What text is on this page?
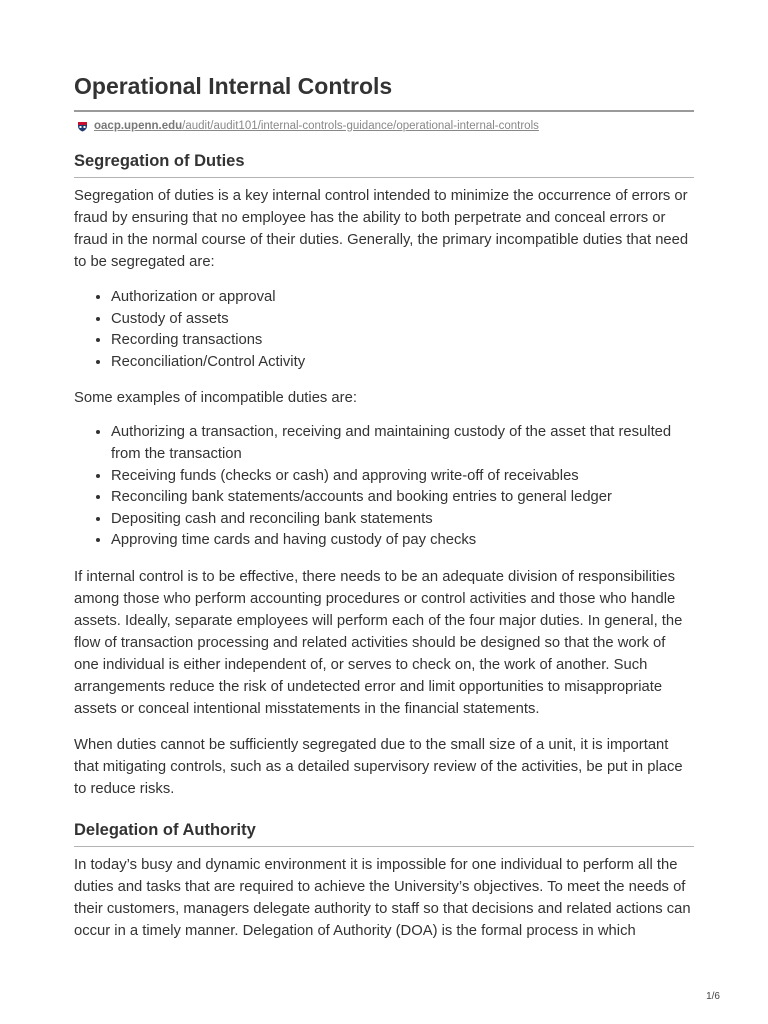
Operational Internal Controls
oacp.upenn.edu/audit/audit101/internal-controls-guidance/operational-internal-controls
Segregation of Duties

Segregation of duties is a key internal control intended to minimize the occurrence of errors or fraud by ensuring that no employee has the ability to both perpetrate and conceal errors or fraud in the normal course of their duties. Generally, the primary incompatible duties that need to be segregated are:

• Authorization or approval
• Custody of assets
• Recording transactions
• Reconciliation/Control Activity

Some examples of incompatible duties are:

• Authorizing a transaction, receiving and maintaining custody of the asset that resulted from the transaction
• Receiving funds (checks or cash) and approving write-off of receivables
• Reconciling bank statements/accounts and booking entries to general ledger
• Depositing cash and reconciling bank statements
• Approving time cards and having custody of pay checks

If internal control is to be effective, there needs to be an adequate division of responsibilities among those who perform accounting procedures or control activities and those who handle assets. Ideally, separate employees will perform each of the four major duties. In general, the flow of transaction processing and related activities should be designed so that the work of one individual is either independent of, or serves to check on, the work of another. Such arrangements reduce the risk of undetected error and limit opportunities to misappropriate assets or conceal intentional misstatements in the financial statements.

When duties cannot be sufficiently segregated due to the small size of a unit, it is important that mitigating controls, such as a detailed supervisory review of the activities, be put in place to reduce risks.

Delegation of Authority

In today’s busy and dynamic environment it is impossible for one individual to perform all the duties and tasks that are required to achieve the University’s objectives. To meet the needs of their customers, managers delegate authority to staff so that decisions and related actions can occur in a timely manner. Delegation of Authority (DOA) is the formal process in which

1/6
